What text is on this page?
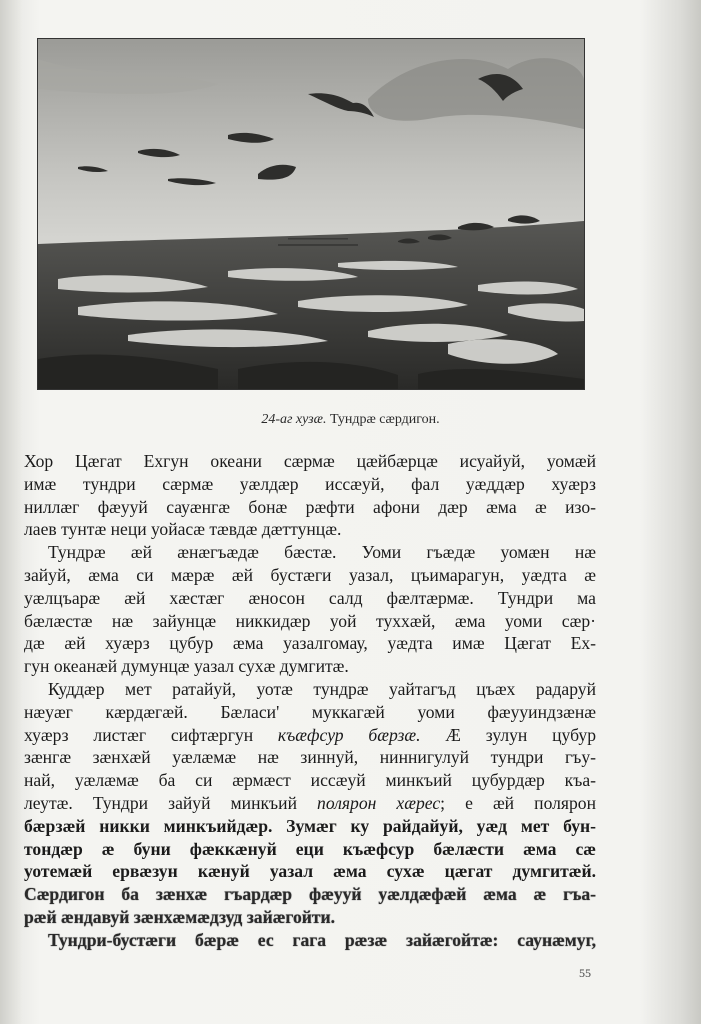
24-аг хузæ. Тундрæ сæрдигон.
Хор Цæгат Ехгун океани сæрмæ цæйбæрцæ исуайуй, уомæй
имæ тундри сæрмæ уæлдæр иссæуй, фал уæддæр хуæрз
ниллæг фæууй сауæнгæ бонæ рæфти афони дæр æма æ изо-
лаев тунтæ неци уойасæ тæвдæ дæттунцæ.
Тундрæ æй æнæгъæдæ бæстæ. Уоми гъæдæ уомæн нæ
зайуй, æма си мæрæ æй бустæги уазал, цъимарагун, уæдта æ
уæлцъарæ æй хæстæг æносон салд фæлтæрмæ. Тундри ма
бæлæстæ нæ зайунцæ никкидæр уой туххæй, æма уоми сæр·
дæ æй хуæрз цубур æма уазалгомау, уæдта имæ Цæгат Ех-
гун океанæй думунцæ уазал сухæ думгитæ.
Куддæр мет ратайуй, уотæ тундрæ уайтагъд цъæх радаруй
нæуæг кæрдæгæй. Бæласи' муккагæй уоми фæууиндзæнæ
хуæрз листæг сифтæргун къæфсур бæрзæ. Æ зулун цубур
зæнгæ зæнхæй уæлæмæ нæ зиннуй, ниннигулуй тундри гъу-
най, уæлæмæ ба си æрмæст иссæуй минкъий цубурдæр къа-
леутæ. Тундри зайуй минкъий полярон хæрес; е æй полярон
бæрзæй никки минкъийдæр. Зумæг ку райдайуй, уæд мет бун-
тондæр æ буни фæккæнуй еци къæфсур бæлæсти æма сæ
уотемæй ервæзун кæнуй уазал æма сухæ цæгат думгитæй.
Сæрдигон ба зæнхæ гъардæр фæууй уæлдæфæй æма æ гъа-
рæй æндавуй зæнхæмæдзуд зайæгойти.
Тундри-бустæги бæрæ ес гага рæзæ зайæгойтæ: саунæмуг,
55
